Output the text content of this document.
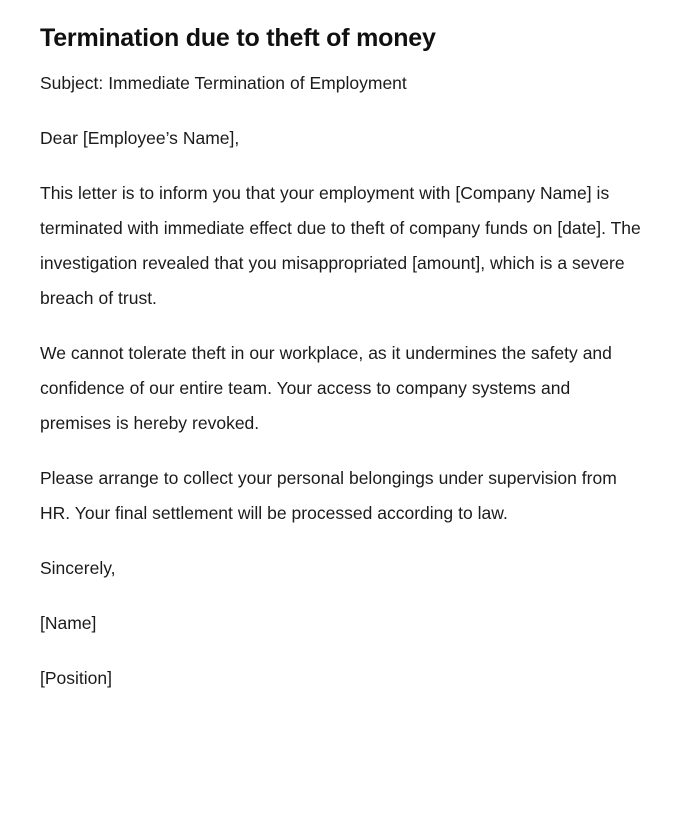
Termination due to theft of money

Subject: Immediate Termination of Employment

Dear [Employee’s Name],

This letter is to inform you that your employment with [Company Name] is terminated with immediate effect due to theft of company funds on [date]. The investigation revealed that you misappropriated [amount], which is a severe breach of trust.

We cannot tolerate theft in our workplace, as it undermines the safety and confidence of our entire team. Your access to company systems and premises is hereby revoked.

Please arrange to collect your personal belongings under supervision from HR. Your final settlement will be processed according to law.

Sincerely,

[Name]

[Position]
